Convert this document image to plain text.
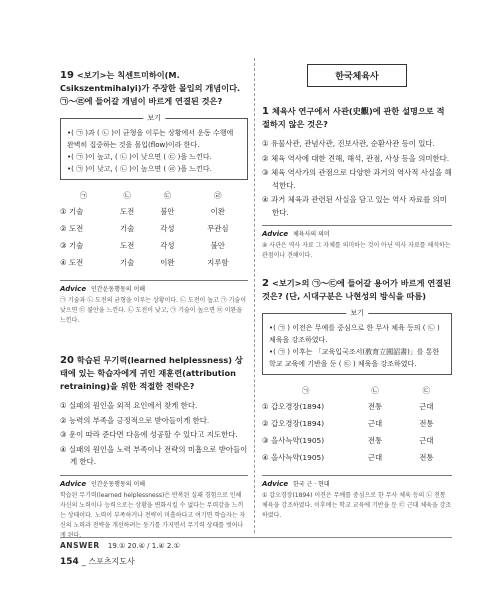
19 <보기>는 칙센트미하이(M. Csikszentmihalyi)가 주장한 몰입의 개념이다. ㉠～㉣에 들어갈 개념이 바르게 연결된 것은?

보기

•( ㉠ )과 ( ㉡ )이 균형을 이루는 상황에서 운동 수행에 완벽히 집중하는 것을 몰입(flow)이라 한다.

•( ㉠ )이 높고, ( ㉡ )이 낮으면 ( ㉢ )을 느낀다.

•( ㉠ )이 낮고, ( ㉡ )이 높으면 ( ㉣ )을 느낀다.

㉠	㉡	㉢	㉣
① 기술	도전	불안	이완
② 도전	기술	각성	무관심
③ 기술	도전	각성	불안
④ 도전	기술	이완	지루함
Advice 인간운동행동의 이해
㉠ 기술과 ㉡ 도전의 균형을 이루는 상황이다. ㉡ 도전이 높고 ㉠ 기술이 낮으면 ㉢ 불안을 느낀다. ㉡ 도전이 낮고, ㉠ 기술이 높으면 ㉣ 이완을 느낀다.

20 학습된 무기력(learned helplessness) 상태에 있는 학습자에게 귀인 재훈련(attribution retraining)을 위한 적절한 전략은?

① 실패의 원인을 외적 요인에서 찾게 한다.
② 능력의 부족을 긍정적으로 받아들이게 한다.
③ 운이 따라 준다면 다음에 성공할 수 있다고 지도한다.
④ 실패의 원인을 노력 부족이나 전략의 미흡으로 받아들이게 한다.
Advice 인간운동행동의 이해
학습된 무기력(learned helplessness)은 반복된 실패 경험으로 인해 자신의 노력이나 능력으로는 상황을 변화시킬 수 없다는 무력감을 느끼는 상태이다. 노력이 부족하거나 전략이 미흡하다고 여기면 학습자는 자신의 노력과 전략을 개선하려는 동기를 가지면서 무기력 상태를 벗어나게 된다.
한국체육사

1 체육사 연구에서 사관(史觀)에 관한 설명으로 적절하지 않은 것은?

① 유물사관, 관념사관, 진보사관, 순환사관 등이 있다.
② 체육 역사에 대한 견해, 해석, 관점, 사상 등을 의미한다.
③ 체육 역사가의 관점으로 다양한 과거의 역사적 사실을 해석한다.
④ 과거 체육과 관련된 사실을 담고 있는 역사 자료를 의미한다.
Advice 체육사의 의미
④ 사관은 역사 자료 그 자체를 의미하는 것이 아닌 역사 자료를 해석하는 관점이나 견해이다.

2 <보기>의 ㉠～㉢에 들어갈 용어가 바르게 연결된 것은? (단, 시대구분은 나현성의 방식을 따름)

보기

•( ㉠ ) 이전은 무예를 중심으로 한 무사 체육 등의 ( ㉡ ) 체육을 강조하였다.

•( ㉠ ) 이후는 「교육입국조서(敎育立國詔書)」를 통한 학교 교육에 기반을 둔 ( ㉢ ) 체육을 강조하였다.

㉠	㉡	㉢
① 갑오경장(1894)	전통	근대
② 갑오경장(1894)	근대	전통
③ 을사늑약(1905)	전통	근대
④ 을사늑약(1905)	근대	전통
Advice 한국 근 · 현대
① 갑오경장(1894) 이전은 무예를 중심으로 한 무사 체육 등의 ㉡ 전통 체육을 강조하였다. 이후에는 학교 교육에 기반을 둔 ㉢ 근대 체육을 강조하였다.
ANSWER 19.① 20.④ / 1.④ 2.①
154 _ 스포츠지도사
